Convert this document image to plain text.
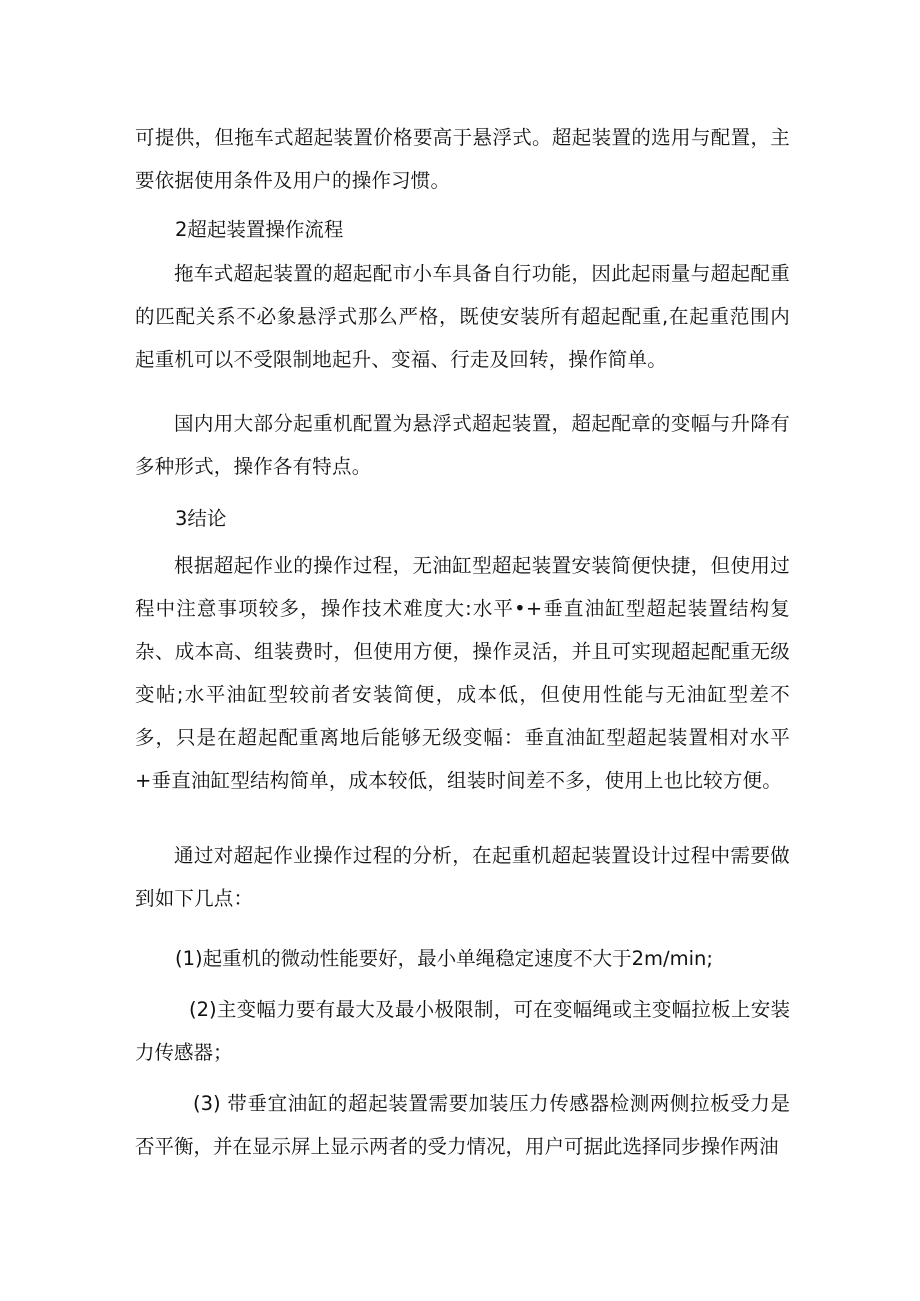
可提供，但拖车式超起装置价格要高于悬浮式。超起装置的选用与配置，主要依据使用条件及用户的操作习惯。

2超起装置操作流程

拖车式超起装置的超起配市小车具备自行功能，因此起雨量与超起配重的匹配关系不必象悬浮式那么严格，既使安装所有超起配重,在起重范围内起重机可以不受限制地起升、变福、行走及回转，操作简单。

国内用大部分起重机配置为悬浮式超起装置，超起配章的变幅与升降有多种形式，操作各有特点。

3结论

根据超起作业的操作过程，无油缸型超起装置安装简便快捷，但使用过程中注意事项较多，操作技术难度大:水平•+垂直油缸型超起装置结构复杂、成本高、组装费时，但使用方便，操作灵活，并且可实现超起配重无级变帖;水平油缸型较前者安装简便，成本低，但使用性能与无油缸型差不多，只是在超起配重离地后能够无级变幅：垂直油缸型超起装置相对水平+垂直油缸型结构简单，成本较低，组装时间差不多，使用上也比较方便。

通过对超起作业操作过程的分析，在起重机超起装置设计过程中需要做到如下几点：

(1)起重机的微动性能要好，最小单绳稳定速度不大于2m∕min;

(2)主变幅力要有最大及最小极限制，可在变幅绳或主变幅拉板上安装力传感器；

(3) 带垂宜油缸的超起装置需要加装压力传感器检测两侧拉板受力是否平衡，并在显示屏上显示两者的受力情况，用户可据此选择同步操作两油
